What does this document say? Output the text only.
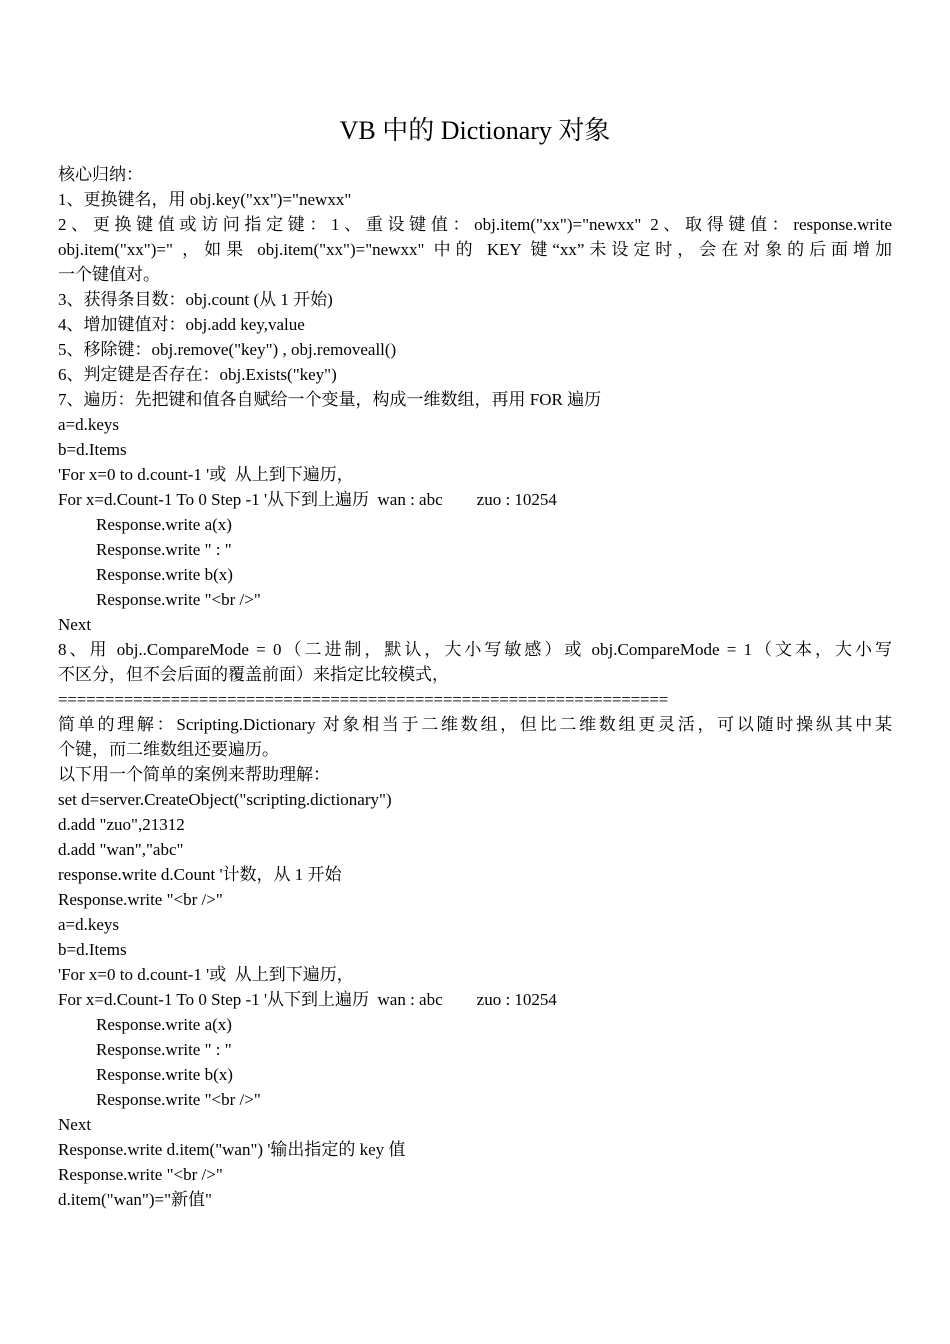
VB 中的 Dictionary 对象
核心归纳：
1、更换键名，用 obj.key("xx")="newxx"
2、更换键值或访问指定键：1、重设键值：obj.item("xx")="newxx" 2、取得键值：response.write
obj.item("xx")=" ，如果 obj.item("xx")="newxx" 中的 KEY 键“xx”未设定时，会在对象的后面增加
一个键值对。
3、获得条目数：obj.count (从 1 开始)
4、增加键值对：obj.add key,value
5、移除键：obj.remove("key") , obj.removeall()
6、判定键是否存在：obj.Exists("key")
7、遍历：先把键和值各自赋给一个变量，构成一维数组，再用 FOR 遍历
a=d.keys
b=d.Items
'For x=0 to d.count-1 '或  从上到下遍历，
For x=d.Count-1 To 0 Step -1 '从下到上遍历  wan : abc        zuo : 10254
Response.write a(x)
Response.write " : "
Response.write b(x)
Response.write "<br />"
Next
8、用 obj..CompareMode = 0（二进制，默认，大小写敏感）或 obj.CompareMode = 1（文本，大小写
不区分，但不会后面的覆盖前面）来指定比较模式，
=================================================================
简单的理解：Scripting.Dictionary 对象相当于二维数组，但比二维数组更灵活，可以随时操纵其中某
个键，而二维数组还要遍历。
以下用一个简单的案例来帮助理解：
set d=server.CreateObject("scripting.dictionary")
d.add "zuo",21312
d.add "wan","abc"
response.write d.Count '计数，从 1 开始
Response.write "<br />"
a=d.keys
b=d.Items
'For x=0 to d.count-1 '或  从上到下遍历，
For x=d.Count-1 To 0 Step -1 '从下到上遍历  wan : abc        zuo : 10254
Response.write a(x)
Response.write " : "
Response.write b(x)
Response.write "<br />"
Next
Response.write d.item("wan") '输出指定的 key 值
Response.write "<br />"
d.item("wan")="新值"
